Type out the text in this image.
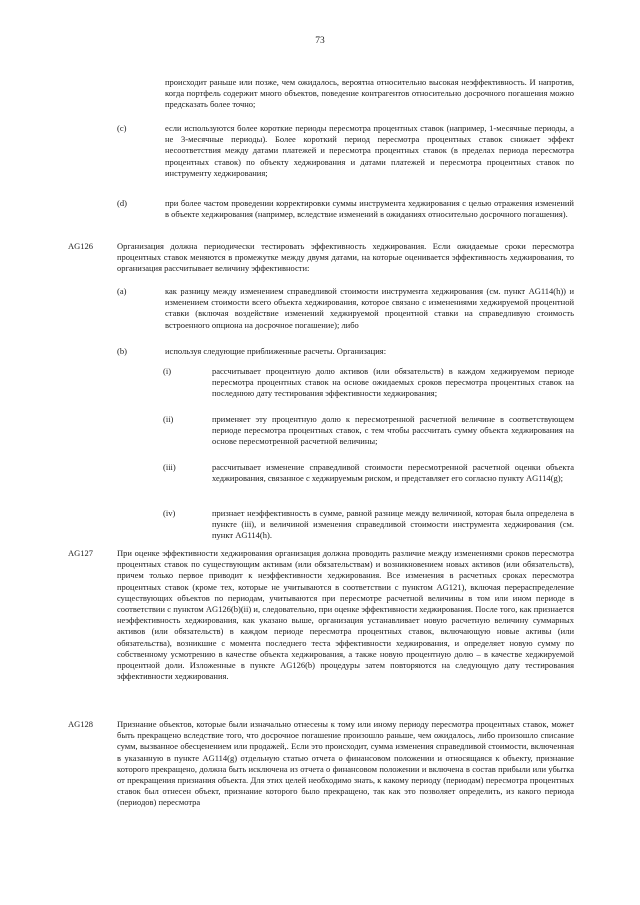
73

происходит раньше или позже, чем ожидалось, вероятна относительно высокая неэффективность. И напротив, когда портфель содержит много объектов, поведение контрагентов относительно досрочного погашения можно предсказать более точно;

(c)	если используются более короткие периоды пересмотра процентных ставок (например, 1-месячные периоды, а не 3-месячные периоды). Более короткий период пересмотра процентных ставок снижает эффект несоответствия между датами платежей и пересмотра процентных ставок (в пределах периода пересмотра процентных ставок) по объекту хеджирования и датами платежей и пересмотра процентных ставок по инструменту хеджирования;

(d)	при более частом проведении корректировки суммы инструмента хеджирования с целью отражения изменений в объекте хеджирования (например, вследствие изменений в ожиданиях относительно досрочного погашения).

AG126	Организация должна периодически тестировать эффективность хеджирования. Если ожидаемые сроки пересмотра процентных ставок меняются в промежутке между двумя датами, на которые оценивается эффективность хеджирования, то организация рассчитывает величину эффективности:

(a)	как разницу между изменением справедливой стоимости инструмента хеджирования (см. пункт AG114(h)) и изменением стоимости всего объекта хеджирования, которое связано с изменениями хеджируемой процентной ставки (включая воздействие изменений хеджируемой процентной ставки на справедливую стоимость встроенного опциона на досрочное погашение); либо

(b)	используя следующие приближенные расчеты. Организация:

(i)	рассчитывает процентную долю активов (или обязательств) в каждом хеджируемом периоде пересмотра процентных ставок на основе ожидаемых сроков пересмотра процентных ставок на последнюю дату тестирования эффективности хеджирования;

(ii)	применяет эту процентную долю к пересмотренной расчетной величине в соответствующем периоде пересмотра процентных ставок, с тем чтобы рассчитать сумму объекта хеджирования на основе пересмотренной расчетной величины;

(iii)	рассчитывает изменение справедливой стоимости пересмотренной расчетной оценки объекта хеджирования, связанное с хеджируемым риском, и представляет его согласно пункту AG114(g);

(iv)	признает неэффективность в сумме, равной разнице между величиной, которая была определена в пункте (iii), и величиной изменения справедливой стоимости инструмента хеджирования (см. пункт AG114(h).

AG127	При оценке эффективности хеджирования организация должна проводить различие между изменениями сроков пересмотра процентных ставок по существующим активам (или обязательствам) и возникновением новых активов (или обязательств), причем только первое приводит к неэффективности хеджирования. Все изменения в расчетных сроках пересмотра процентных ставок (кроме тех, которые не учитываются в соответствии с пунктом AG121), включая перераспределение существующих объектов по периодам, учитываются при пересмотре расчетной величины в том или ином периоде в соответствии с пунктом AG126(b)(ii) и, следовательно, при оценке эффективности хеджирования. После того, как признается неэффективность хеджирования, как указано выше, организация устанавливает новую расчетную величину суммарных активов (или обязательств) в каждом периоде пересмотра процентных ставок, включающую новые активы (или обязательства), возникшие с момента последнего теста эффективности хеджирования, и определяет новую сумму по собственному усмотрению в качестве объекта хеджирования, а также новую процентную долю – в качестве хеджируемой процентной доли. Изложенные в пункте AG126(b) процедуры затем повторяются на следующую дату тестирования эффективности хеджирования.

AG128	Признание объектов, которые были изначально отнесены к тому или иному периоду пересмотра процентных ставок, может быть прекращено вследствие того, что досрочное погашение произошло раньше, чем ожидалось, либо произошло списание сумм, вызванное обесценением или продажей,. Если это происходит, сумма изменения справедливой стоимости, включенная в указанную в пункте AG114(g) отдельную статью отчета о финансовом положении и относящаяся к объекту, признание которого прекращено, должна быть исключена из отчета о финансовом положении и включена в состав прибыли или убытка от прекращения признания объекта. Для этих целей необходимо знать, к какому периоду (периодам) пересмотра процентных ставок был отнесен объект, признание которого было прекращено, так как это позволяет определить, из какого периода (периодов) пересмотра
